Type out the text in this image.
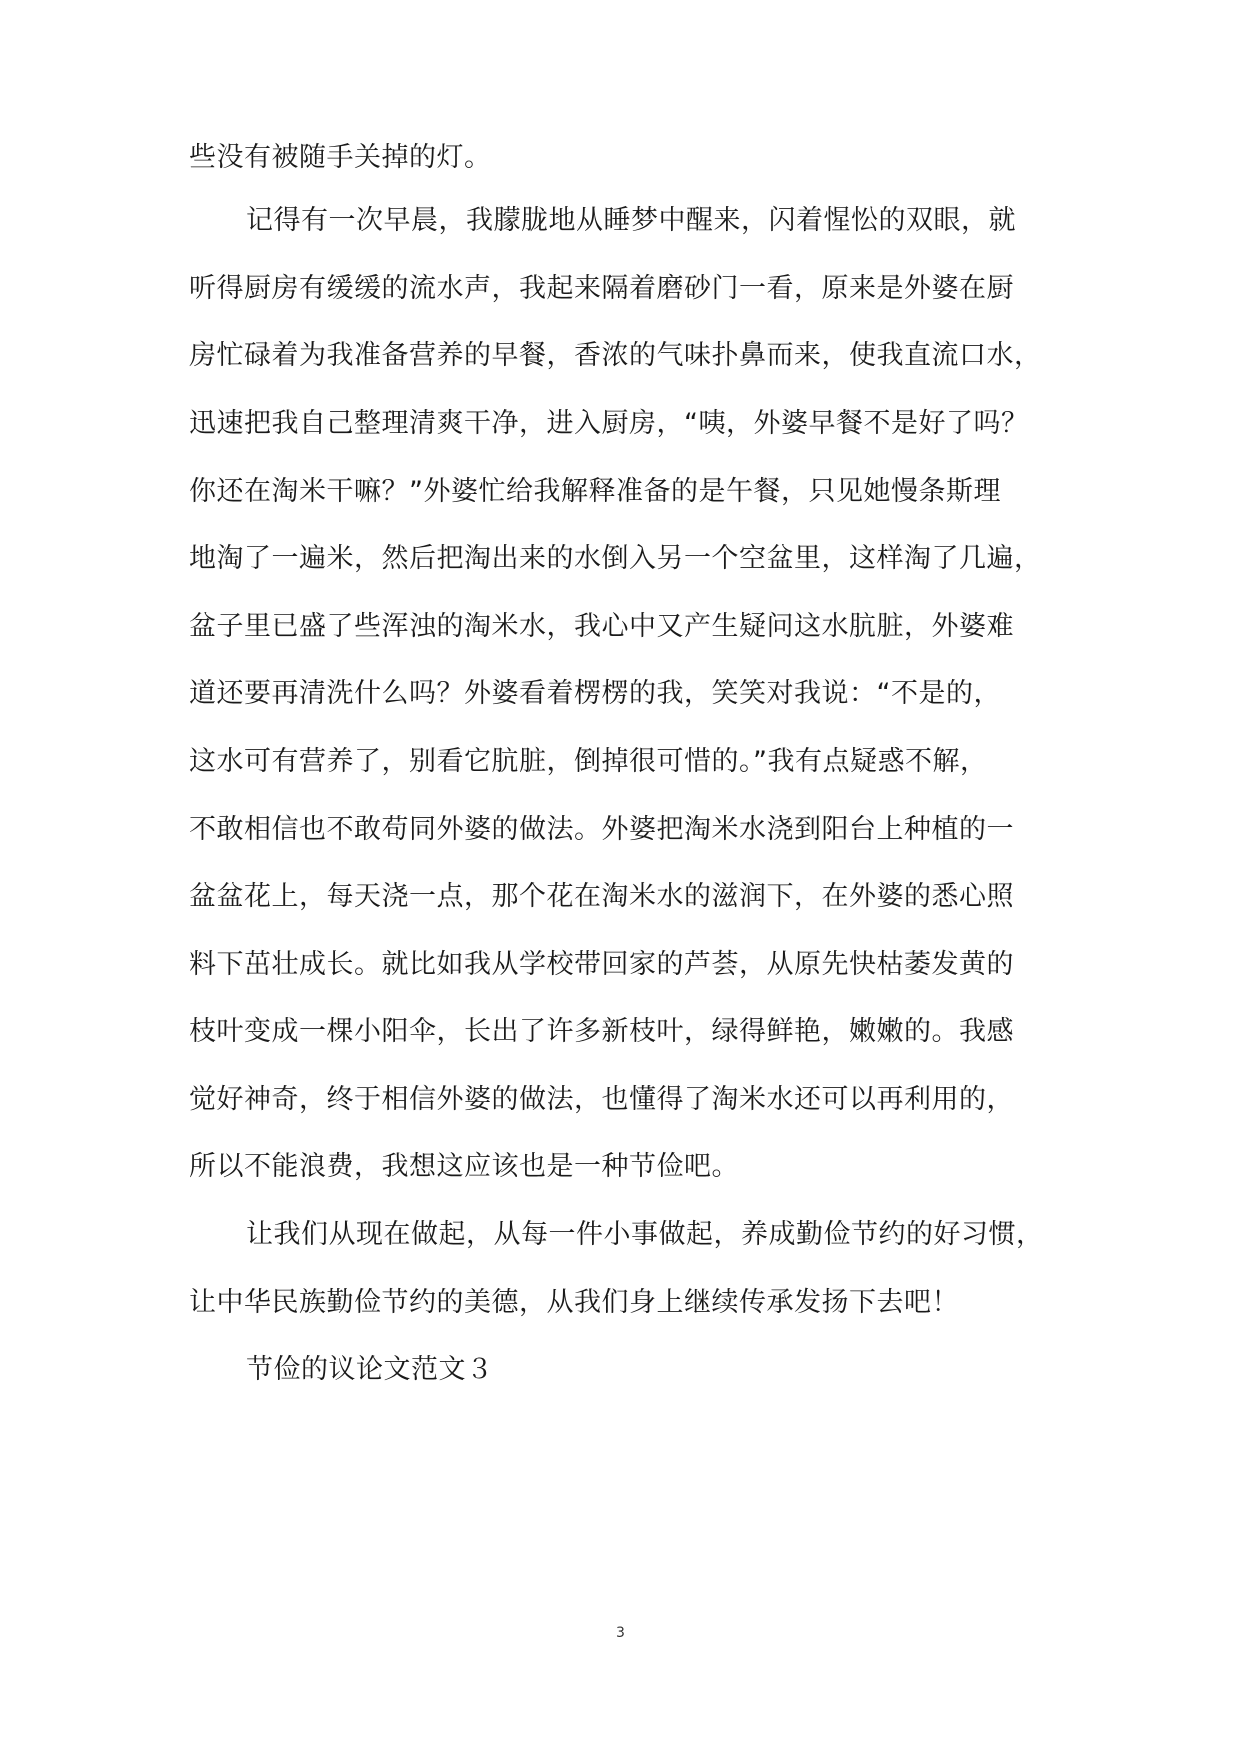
些没有被随手关掉的灯。
记得有一次早晨，我朦胧地从睡梦中醒来，闪着惺忪的双眼，就
听得厨房有缓缓的流水声，我起来隔着磨砂门一看，原来是外婆在厨
房忙碌着为我准备营养的早餐，香浓的气味扑鼻而来，使我直流口水，
迅速把我自己整理清爽干净，进入厨房，“咦，外婆早餐不是好了吗？
你还在淘米干嘛？”外婆忙给我解释准备的是午餐，只见她慢条斯理
地淘了一遍米，然后把淘出来的水倒入另一个空盆里，这样淘了几遍，
盆子里已盛了些浑浊的淘米水，我心中又产生疑问这水肮脏，外婆难
道还要再清洗什么吗？外婆看着楞楞的我，笑笑对我说：“不是的，
这水可有营养了，别看它肮脏，倒掉很可惜的。”我有点疑惑不解，
不敢相信也不敢苟同外婆的做法。外婆把淘米水浇到阳台上种植的一
盆盆花上，每天浇一点，那个花在淘米水的滋润下，在外婆的悉心照
料下茁壮成长。就比如我从学校带回家的芦荟，从原先快枯萎发黄的
枝叶变成一棵小阳伞，长出了许多新枝叶，绿得鲜艳，嫩嫩的。我感
觉好神奇，终于相信外婆的做法，也懂得了淘米水还可以再利用的，
所以不能浪费，我想这应该也是一种节俭吧。
让我们从现在做起，从每一件小事做起，养成勤俭节约的好习惯，
让中华民族勤俭节约的美德，从我们身上继续传承发扬下去吧！
节俭的议论文范文３
3
